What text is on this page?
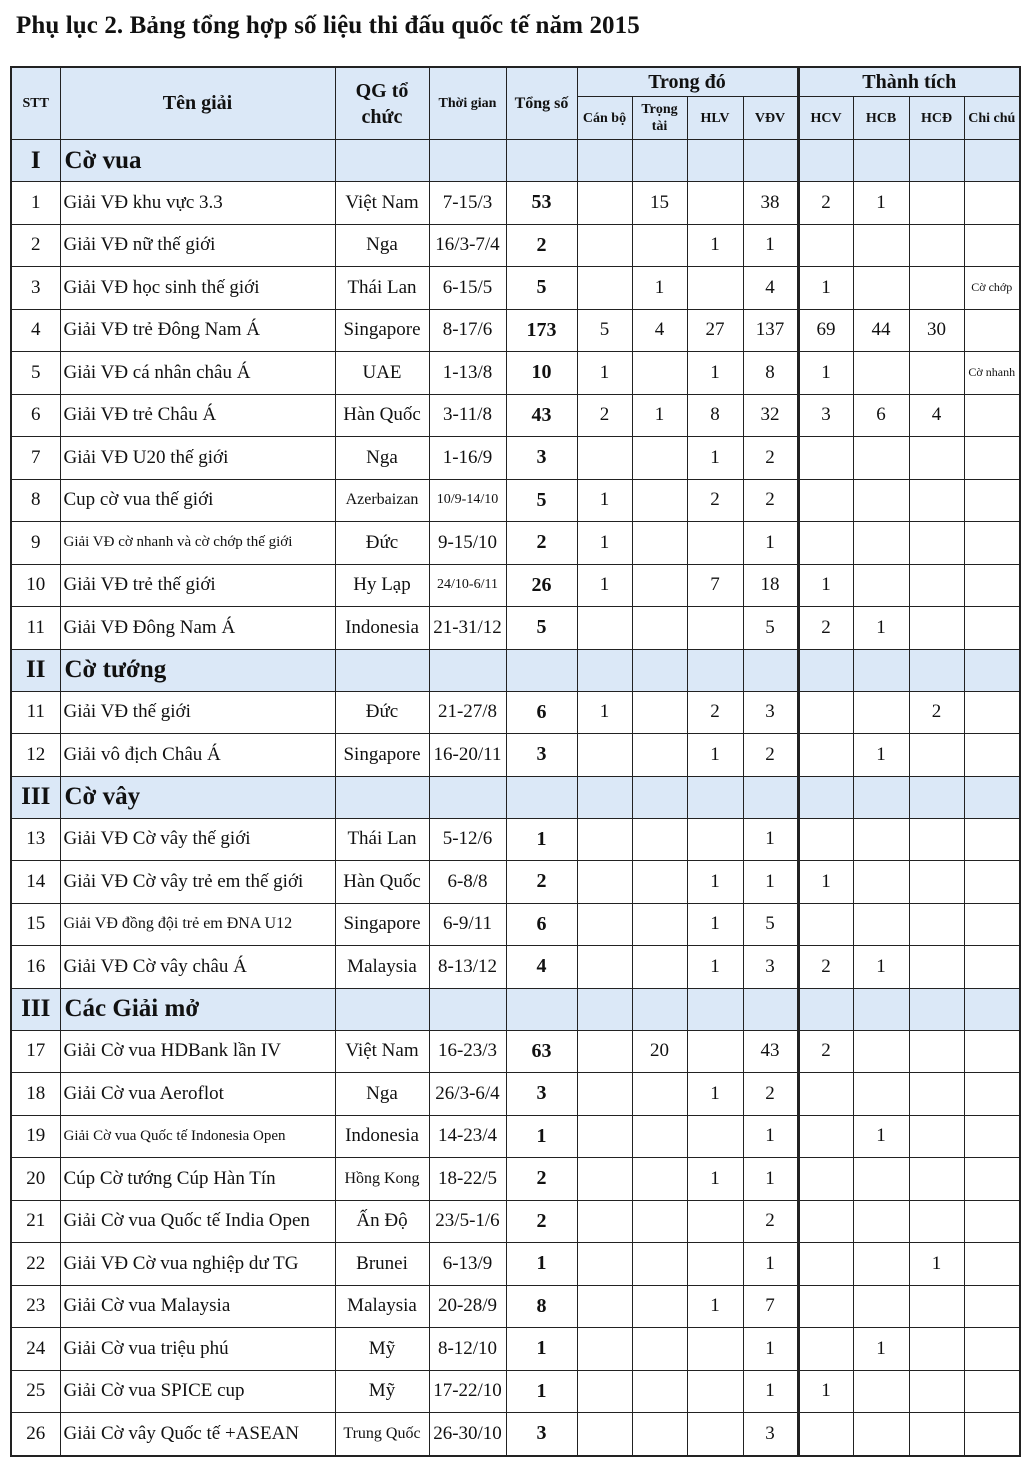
Phụ lục 2. Bảng tổng hợp số liệu thi đấu quốc tế năm 2015
STT	Tên giải	QG tổ chức	Thời gian	Tổng số	Trong đó				Thành tích			
					Cán bộ	Trọng tài	HLV	VĐV	HCV	HCB	HCĐ	Chi chú
I	Cờ vua											
1	Giải VĐ khu vực 3.3	Việt Nam	7-15/3	53		15		38	2	1		
2	Giải VĐ nữ thế giới	Nga	16/3-7/4	2			1	1				
3	Giải VĐ học sinh thế giới	Thái Lan	6-15/5	5		1		4	1			Cờ chớp
4	Giải VĐ trẻ Đông Nam Á	Singapore	8-17/6	173	5	4	27	137	69	44	30	
5	Giải VĐ cá nhân châu Á	UAE	1-13/8	10	1		1	8	1			Cờ nhanh
6	Giải VĐ trẻ Châu Á	Hàn Quốc	3-11/8	43	2	1	8	32	3	6	4	
7	Giải VĐ U20 thế giới	Nga	1-16/9	3			1	2				
8	Cup cờ vua thế giới	Azerbaizan	10/9-14/10	5	1		2	2				
9	Giải VĐ cờ nhanh và cờ chớp thế giới	Đức	9-15/10	2	1			1				
10	Giải VĐ trẻ thế giới	Hy Lạp	24/10-6/11	26	1		7	18	1			
11	Giải VĐ Đông Nam Á	Indonesia	21-31/12	5				5	2	1		
II	Cờ tướng											
11	Giải VĐ thế giới	Đức	21-27/8	6	1		2	3			2	
12	Giải vô địch Châu Á	Singapore	16-20/11	3			1	2		1		
III	Cờ vây											
13	Giải VĐ Cờ vây thế giới	Thái Lan	5-12/6	1				1				
14	Giải VĐ Cờ vây trẻ em thế giới	Hàn Quốc	6-8/8	2			1	1	1			
15	Giải VĐ đồng đội trẻ em ĐNA U12	Singapore	6-9/11	6			1	5				
16	Giải VĐ Cờ vây châu Á	Malaysia	8-13/12	4			1	3	2	1		
III	Các Giải mở											
17	Giải Cờ vua HDBank lần IV	Việt Nam	16-23/3	63		20		43	2			
18	Giải Cờ vua Aeroflot	Nga	26/3-6/4	3			1	2				
19	Giải Cờ vua Quốc tế Indonesia Open	Indonesia	14-23/4	1				1		1		
20	Cúp Cờ tướng Cúp Hàn Tín	Hồng Kong	18-22/5	2			1	1				
21	Giải Cờ vua Quốc tế India Open	Ấn Độ	23/5-1/6	2				2				
22	Giải VĐ Cờ vua nghiệp dư TG	Brunei	6-13/9	1				1			1	
23	Giải Cờ vua Malaysia	Malaysia	20-28/9	8			1	7				
24	Giải Cờ vua triệu phú	Mỹ	8-12/10	1				1		1		
25	Giải Cờ vua SPICE cup	Mỹ	17-22/10	1				1	1			
26	Giải Cờ vây Quốc tế +ASEAN	Trung Quốc	26-30/10	3				3				
